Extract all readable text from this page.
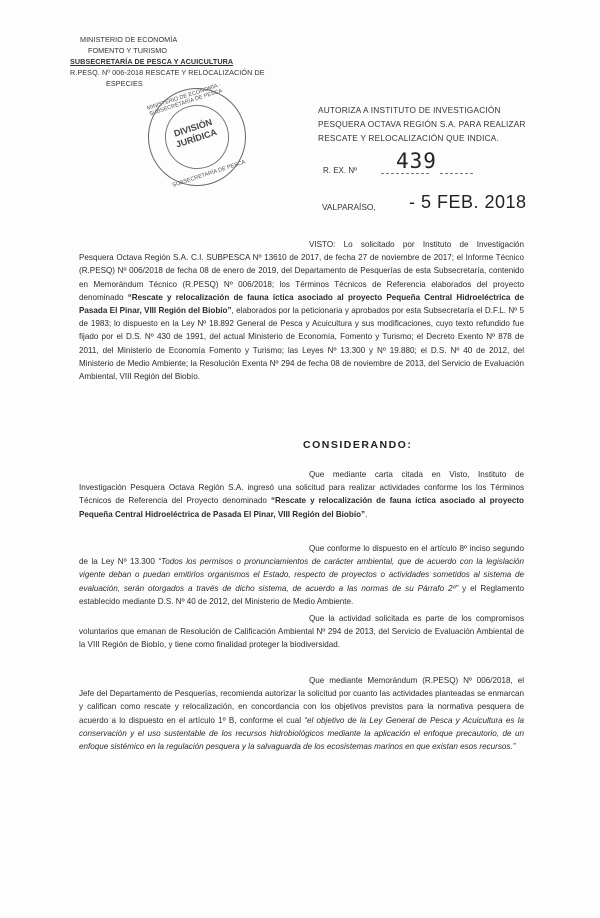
MINISTERIO DE ECONOMÍA
FOMENTO Y TURISMO
SUBSECRETARÍA DE PESCA Y ACUICULTURA
R.PESQ. Nº 006-2018 RESCATE Y RELOCALIZACIÓN DE
ESPECIES MINISTERIO DE ECONOMÍA · SUBSECRETARÍA DE PESCA
DIVISIÓN JURÍDICA
SUBSECRETARÍA DE PESCA
AUTORIZA A INSTITUTO DE INVESTIGACIÓN PESQUERA OCTAVA REGIÓN S.A. PARA REALIZAR RESCATE Y RELOCALIZACIÓN QUE INDICA.
R. EX. Nº 439
VALPARAÍSO, - 5 FEB. 2018
VISTO: Lo solicitado por Instituto de Investigación Pesquera Octava Región S.A. C.I. SUBPESCA Nº 13610 de 2017, de fecha 27 de noviembre de 2017; el Informe Técnico (R.PESQ) Nº 006/2018 de fecha 08 de enero de 2019, del Departamento de Pesquerías de esta Subsecretaría, contenido en Memorándum Técnico (R.PESQ) Nº 006/2018; los Términos Técnicos de Referencia elaborados del proyecto denominado “Rescate y relocalización de fauna íctica asociado al proyecto Pequeña Central Hidroeléctrica de Pasada El Pinar, VIII Región del Biobío”, elaborados por la peticionaria y aprobados por esta Subsecretaría el D.F.L. Nº 5 de 1983; lo dispuesto en la Ley Nº 18.892 General de Pesca y Acuicultura y sus modificaciones, cuyo texto refundido fue fijado por el D.S. Nº 430 de 1991, del actual Ministerio de Economía, Fomento y Turismo; el Decreto Exento Nº 878 de 2011, del Ministerio de Economía Fomento y Turismo; las Leyes Nº 13.300 y Nº 19.880; el D.S. Nº 40 de 2012, del Ministerio de Medio Ambiente; la Resolución Exenta Nº 294 de fecha 08 de noviembre de 2013, del Servicio de Evaluación Ambiental, VIII Región del Biobío.
CONSIDERANDO:
Que mediante carta citada en Visto, Instituto de Investigación Pesquera Octava Región S.A. ingresó una solicitud para realizar actividades conforme los los Términos Técnicos de Referencia del Proyecto denominado “Rescate y relocalización de fauna íctica asociado al proyecto Pequeña Central Hidroeléctrica de Pasada El Pinar, VIII Región del Biobío”.
Que conforme lo dispuesto en el artículo 8º inciso segundo de la Ley Nº 13.300 “Todos los permisos o pronunciamientos de carácter ambiental, que de acuerdo con la legislación vigente deban o puedan emitirlos organismos el Estado, respecto de proyectos o actividades sometidos al sistema de evaluación, serán otorgados a través de dicho sistema, de acuerdo a las normas de su Párrafo 2º” y el Reglamento establecido mediante D.S. Nº 40 de 2012, del Ministerio de Medio Ambiente.
Que la actividad solicitada es parte de los compromisos voluntarios que emanan de Resolución de Calificación Ambiental Nº 294 de 2013, del Servicio de Evaluación Ambiental de la VIII Región de Biobío, y tiene como finalidad proteger la biodiversidad.
Que mediante Memorándum (R.PESQ) Nº 006/2018, el Jefe del Departamento de Pesquerías, recomienda autorizar la solicitud por cuanto las actividades planteadas se enmarcan y califican como rescate y relocalización, en concordancia con los objetivos previstos para la normativa pesquera de acuerdo a lo dispuesto en el artículo 1º B, conforme el cual “el objetivo de la Ley General de Pesca y Acuicultura es la conservación y el uso sustentable de los recursos hidrobiológicos mediante la aplicación el enfoque precautorio, de un enfoque sistémico en la regulación pesquera y la salvaguarda de los ecosistemas marinos en que existan esos recursos.”
